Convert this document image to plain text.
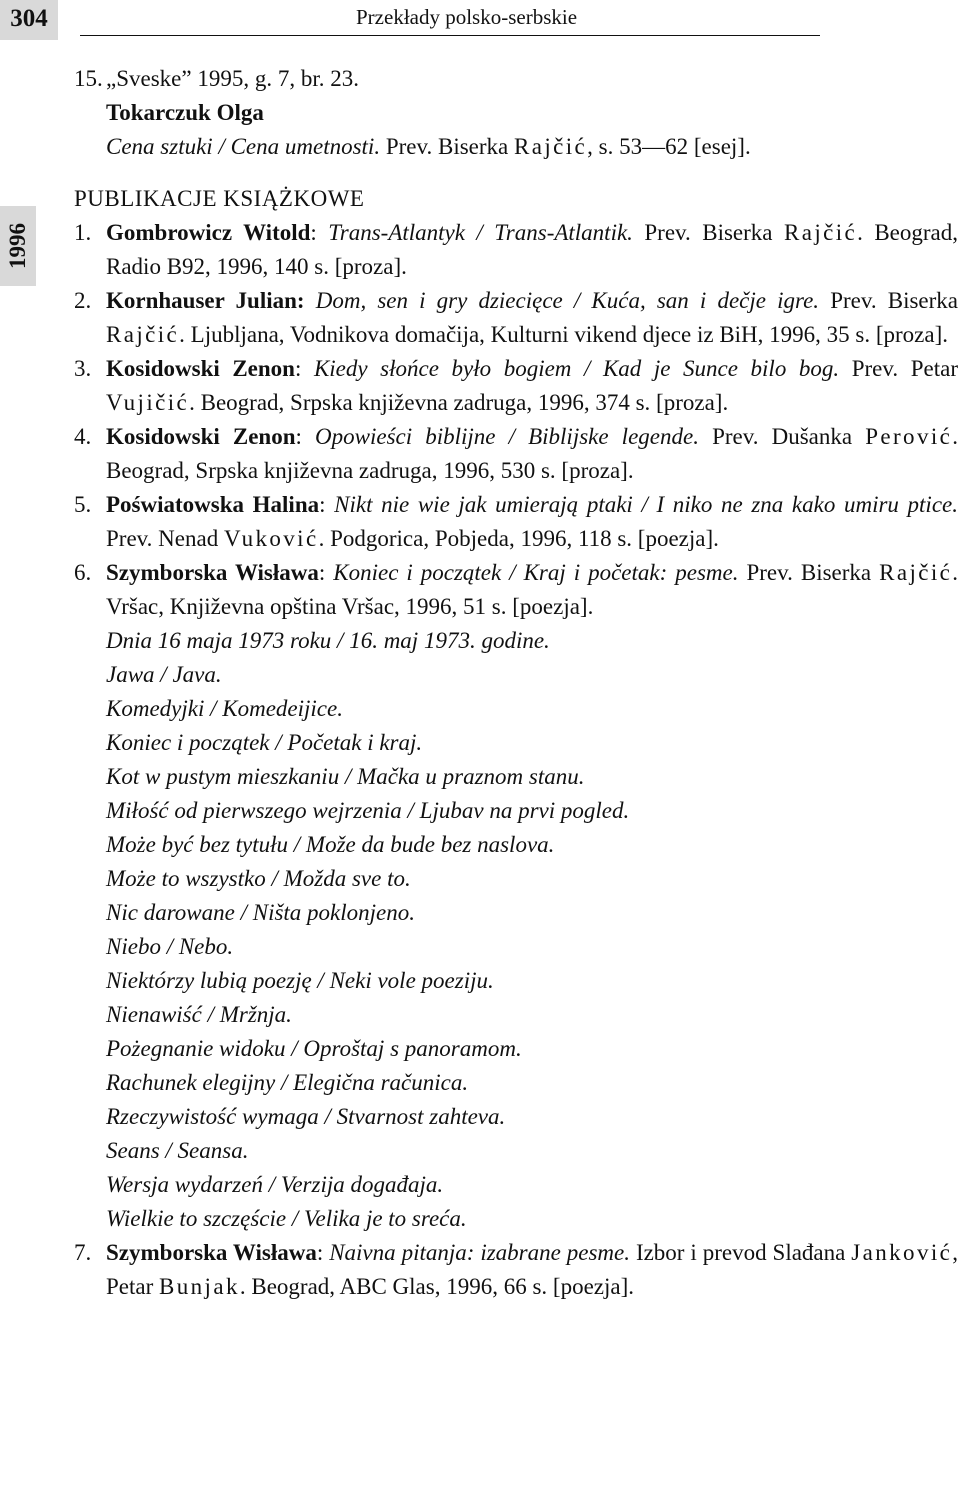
304	Przekłady polsko-serbskie
1996
15. „Sveske” 1995, g. 7, br. 23.
Tokarczuk Olga
Cena sztuki / Cena umetnosti. Prev. Biserka Rajčić, s. 53—62 [esej].
PUBLIKACJE KSIĄŻKOWE
1. Gombrowicz Witold: Trans-Atlantyk / Trans-Atlantik. Prev. Biserka Rajčić. Beograd, Radio B92, 1996, 140 s. [proza].
2. Kornhauser Julian: Dom, sen i gry dziecięce / Kuća, san i dečje igre. Prev. Biserka Rajčić. Ljubljana, Vodnikova domačija, Kulturni vikend djece iz BiH, 1996, 35 s. [proza].
3. Kosidowski Zenon: Kiedy słońce było bogiem / Kad je Sunce bilo bog. Prev. Petar Vujičić. Beograd, Srpska književna zadruga, 1996, 374 s. [proza].
4. Kosidowski Zenon: Opowieści biblijne / Biblijske legende. Prev. Dušanka Perović. Beograd, Srpska književna zadruga, 1996, 530 s. [proza].
5. Poświatowska Halina: Nikt nie wie jak umierają ptaki / I niko ne zna kako umiru ptice. Prev. Nenad Vuković. Podgorica, Pobjeda, 1996, 118 s. [poezja].
6. Szymborska Wisława: Koniec i początek / Kraj i početak: pesme. Prev. Biserka Rajčić. Vršac, Književna opština Vršac, 1996, 51 s. [poezja].
Dnia 16 maja 1973 roku / 16. maj 1973. godine.
Jawa / Java.
Komedyjki / Komedeijice.
Koniec i początek / Početak i kraj.
Kot w pustym mieszkaniu / Mačka u praznom stanu.
Miłość od pierwszego wejrzenia / Ljubav na prvi pogled.
Może być bez tytułu / Može da bude bez naslova.
Może to wszystko / Možda sve to.
Nic darowane / Ništa poklonjeno.
Niebo / Nebo.
Niektórzy lubią poezję / Neki vole poeziju.
Nienawiść / Mržnja.
Pożegnanie widoku / Oproštaj s panoramom.
Rachunek elegijny / Elegična računica.
Rzeczywistość wymaga / Stvarnost zahteva.
Seans / Seansa.
Wersja wydarzeń / Verzija događaja.
Wielkie to szczęście / Velika je to sreća.
7. Szymborska Wisława: Naivna pitanja: izabrane pesme. Izbor i prevod Slađana Janković, Petar Bunjak. Beograd, ABC Glas, 1996, 66 s. [poezja].
